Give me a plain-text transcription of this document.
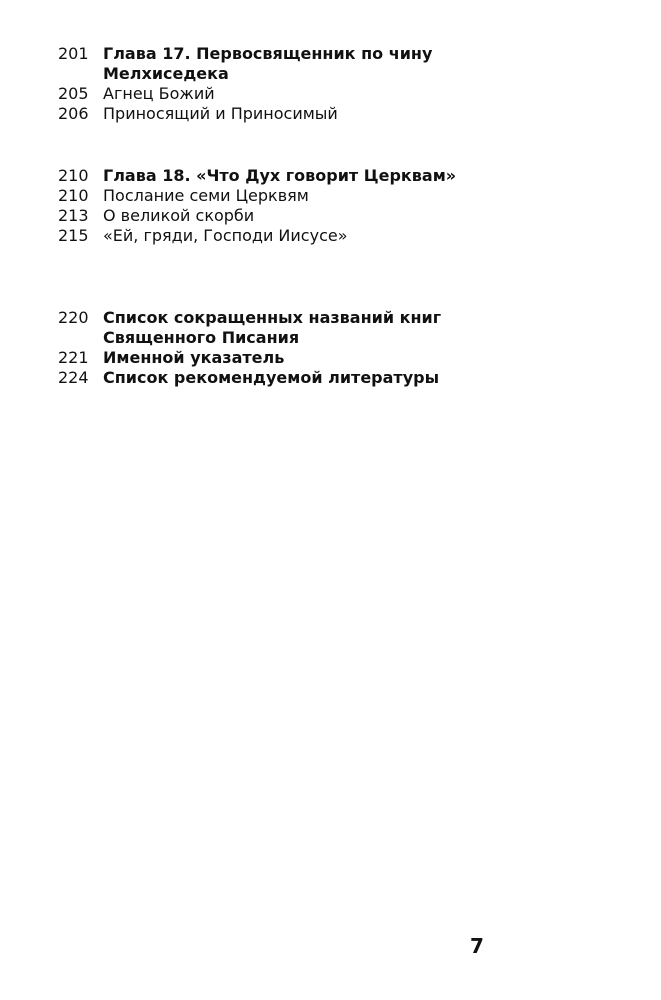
201 Глава 17. Первосвященник по чину
Мелхиседека
205 Агнец Божий
206 Приносящий и Приносимый
210 Глава 18. «Что Дух говорит Церквам»
210 Послание семи Церквям
213 О великой скорби
215 «Ей, гряди, Господи Иисусе»
220 Список сокращенных названий книг
Священного Писания
221 Именной указатель
224 Список рекомендуемой литературы
7
